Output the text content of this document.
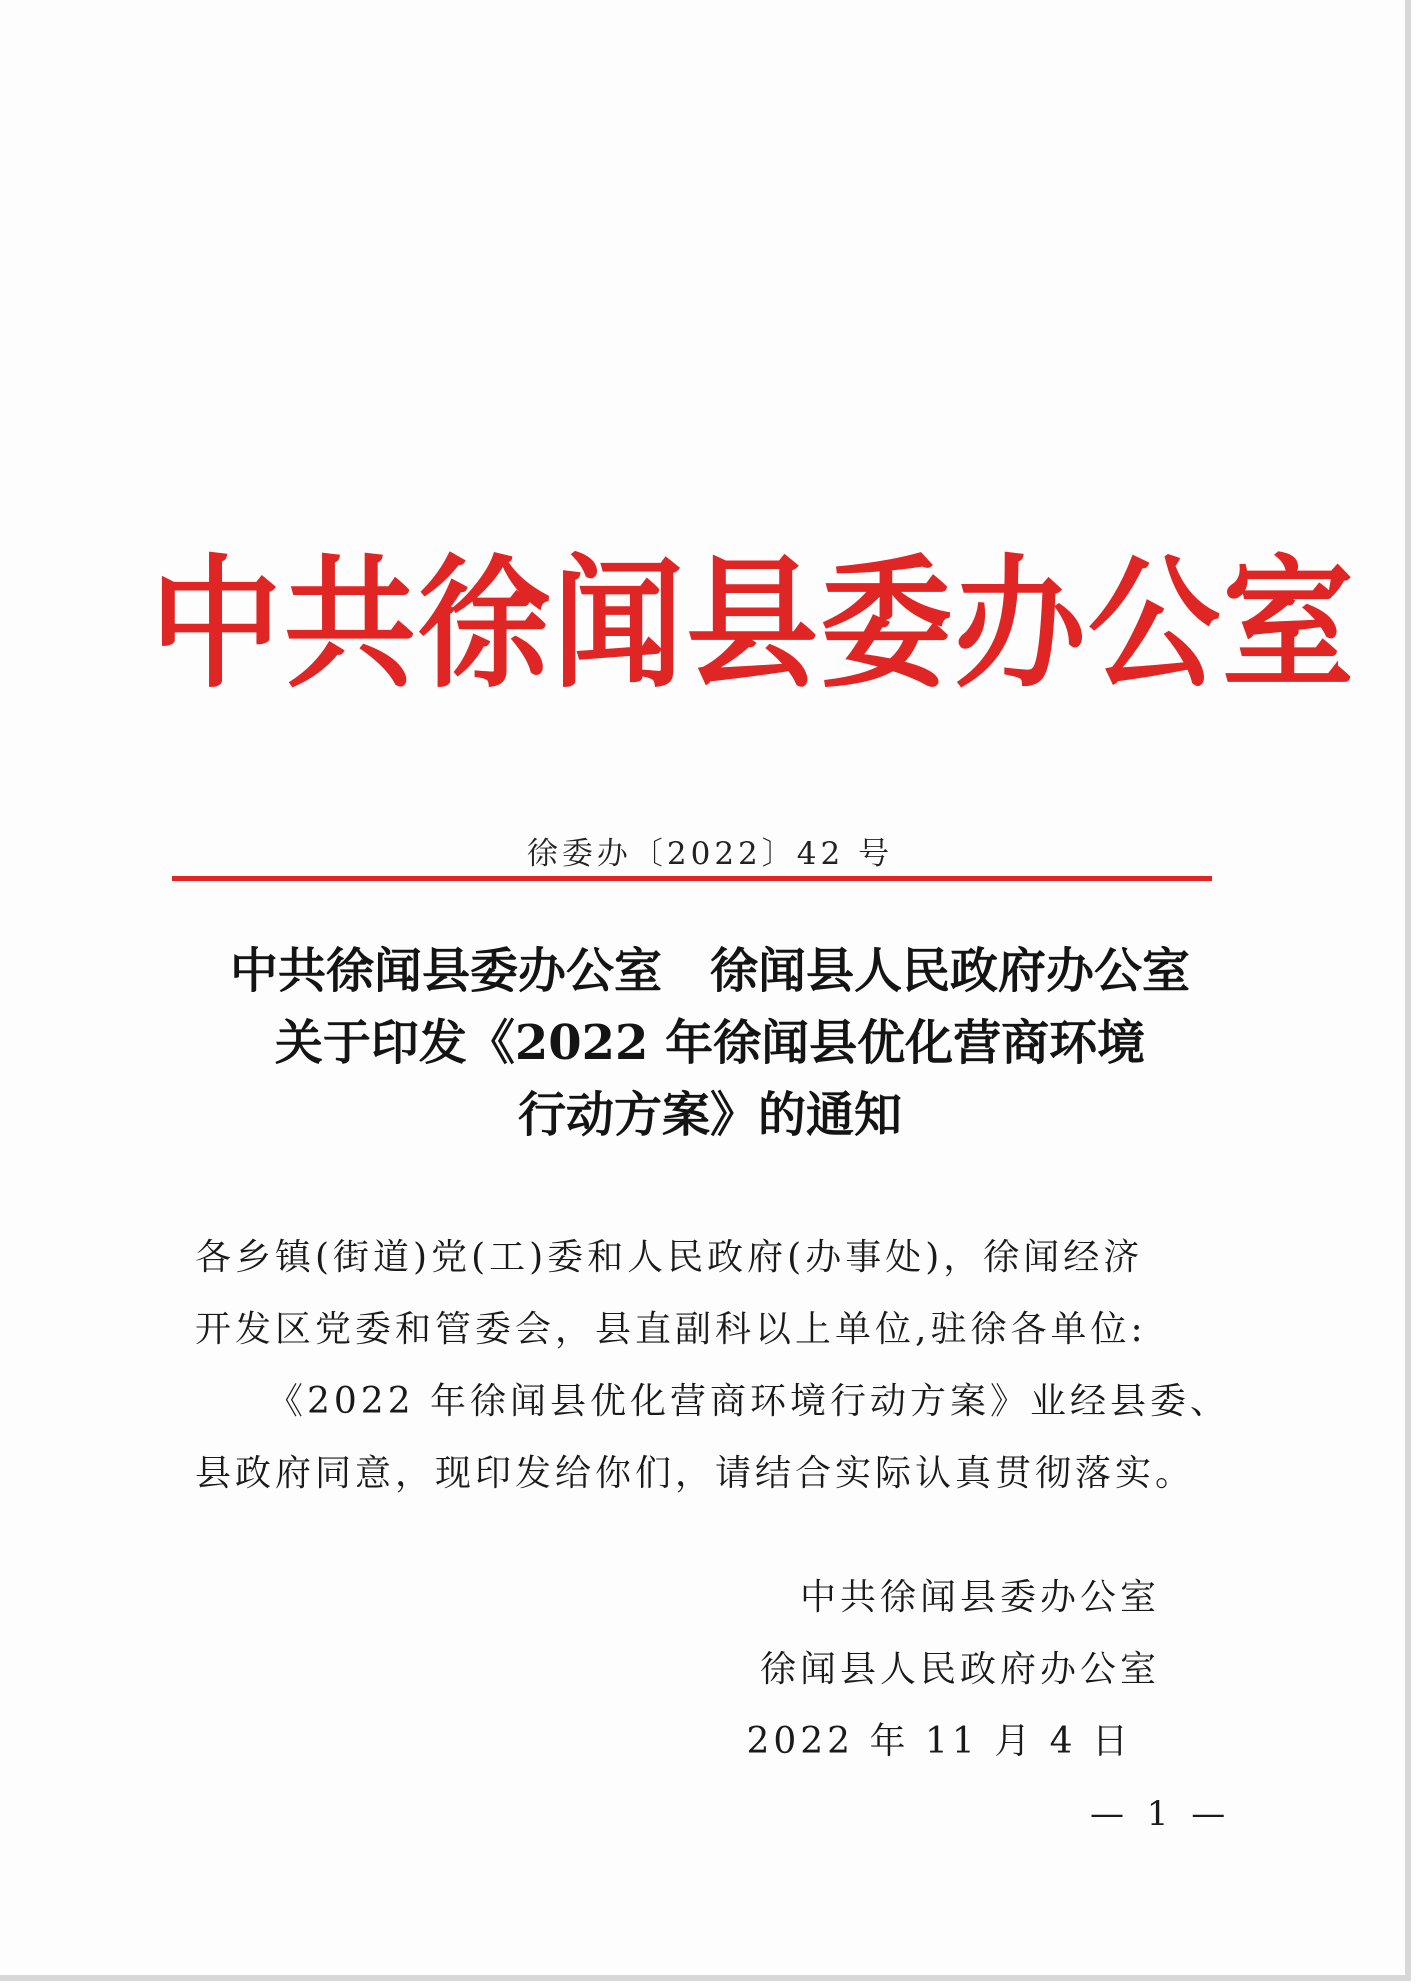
中共徐闻县委办公室
徐委办〔2022〕42 号
中共徐闻县委办公室　徐闻县人民政府办公室
关于印发《2022 年徐闻县优化营商环境
行动方案》的通知

各乡镇(街道)党(工)委和人民政府(办事处)，徐闻经济

开发区党委和管委会，县直副科以上单位,驻徐各单位:

《2022 年徐闻县优化营商环境行动方案》业经县委、

县政府同意，现印发给你们，请结合实际认真贯彻落实。

中共徐闻县委办公室
徐闻县人民政府办公室
2022 年 11 月 4 日
— 1 —
